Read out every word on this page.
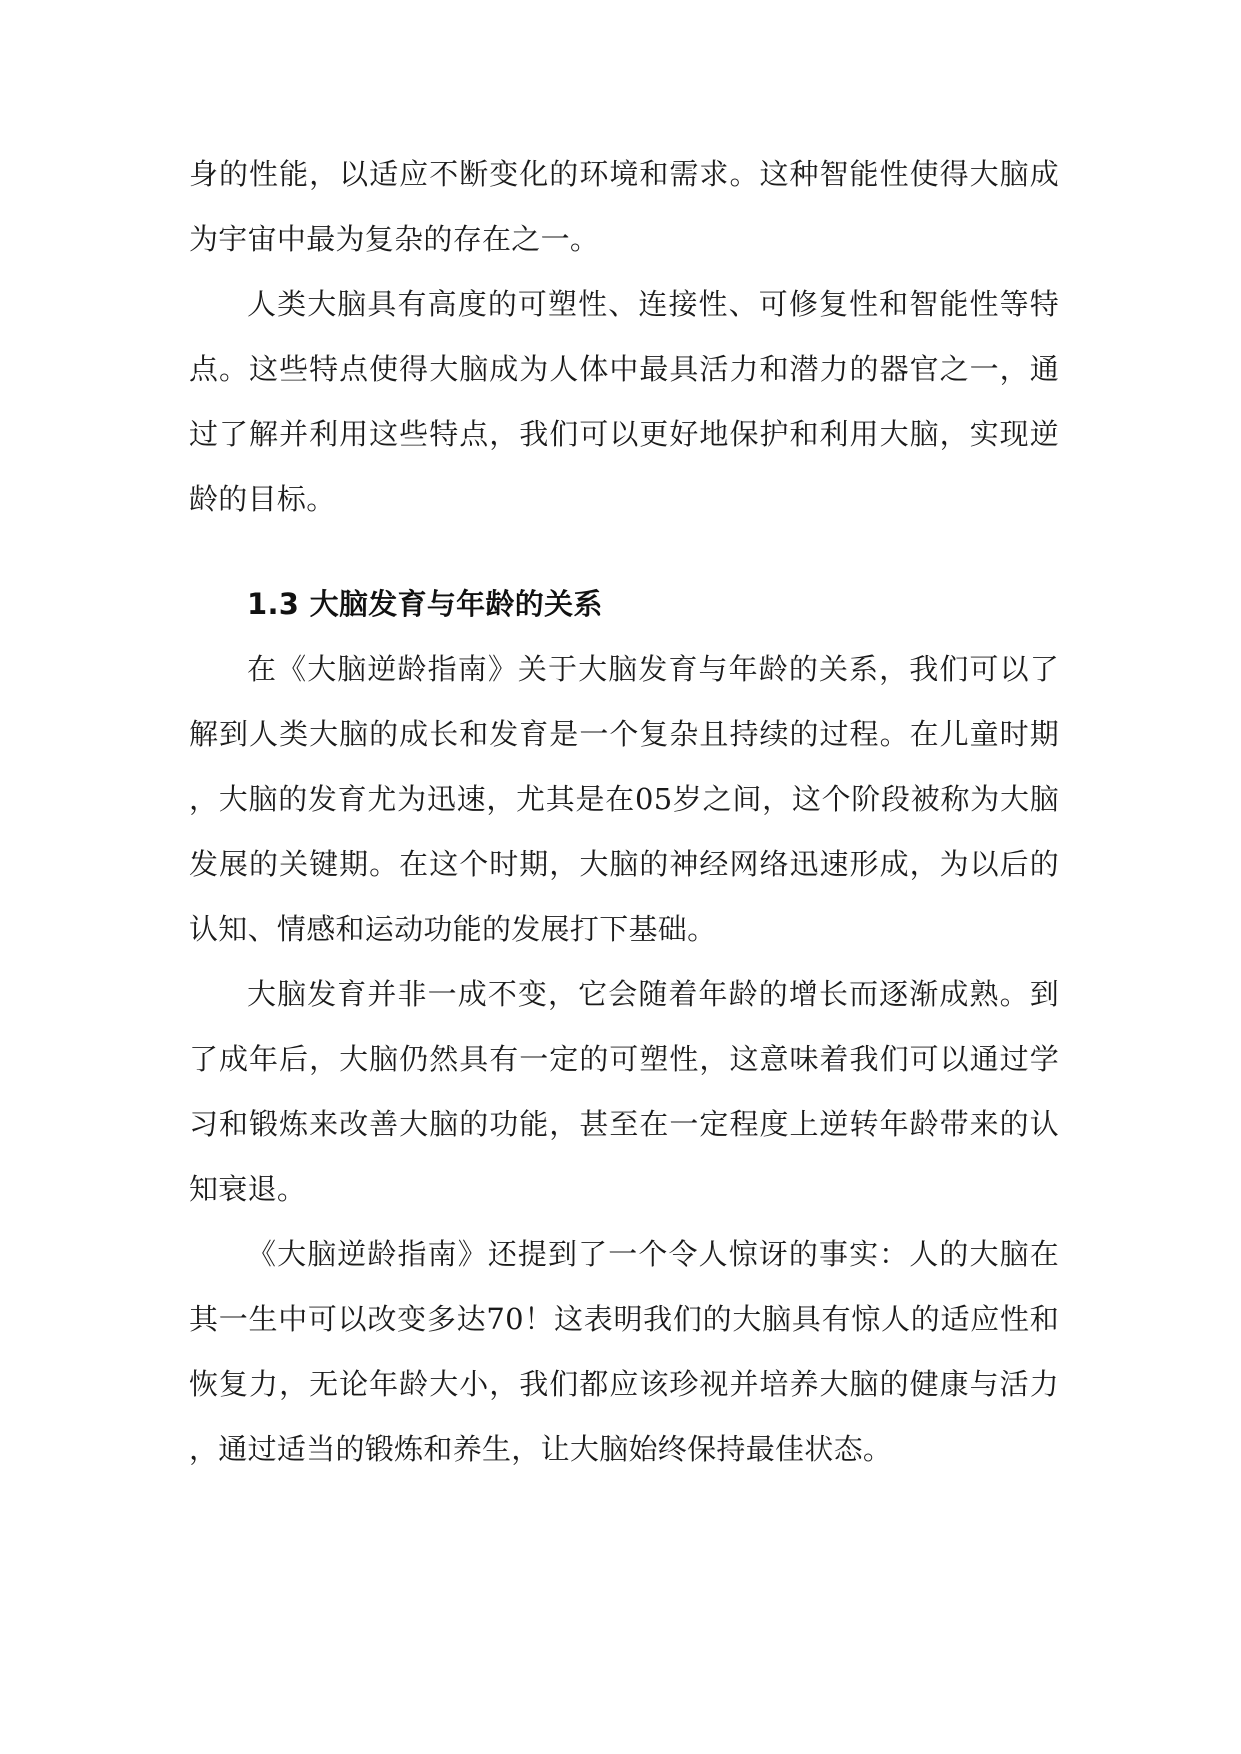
身的性能，以适应不断变化的环境和需求。这种智能性使得大脑成为宇宙中最为复杂的存在之一。

人类大脑具有高度的可塑性、连接性、可修复性和智能性等特点。这些特点使得大脑成为人体中最具活力和潜力的器官之一，通过了解并利用这些特点，我们可以更好地保护和利用大脑，实现逆龄的目标。

1.3 大脑发育与年龄的关系

在《大脑逆龄指南》关于大脑发育与年龄的关系，我们可以了解到人类大脑的成长和发育是一个复杂且持续的过程。在儿童时期，大脑的发育尤为迅速，尤其是在05岁之间，这个阶段被称为大脑发展的关键期。在这个时期，大脑的神经网络迅速形成，为以后的认知、情感和运动功能的发展打下基础。

大脑发育并非一成不变，它会随着年龄的增长而逐渐成熟。到了成年后，大脑仍然具有一定的可塑性，这意味着我们可以通过学习和锻炼来改善大脑的功能，甚至在一定程度上逆转年龄带来的认知衰退。

《大脑逆龄指南》还提到了一个令人惊讶的事实：人的大脑在其一生中可以改变多达70！这表明我们的大脑具有惊人的适应性和恢复力，无论年龄大小，我们都应该珍视并培养大脑的健康与活力，通过适当的锻炼和养生，让大脑始终保持最佳状态。
